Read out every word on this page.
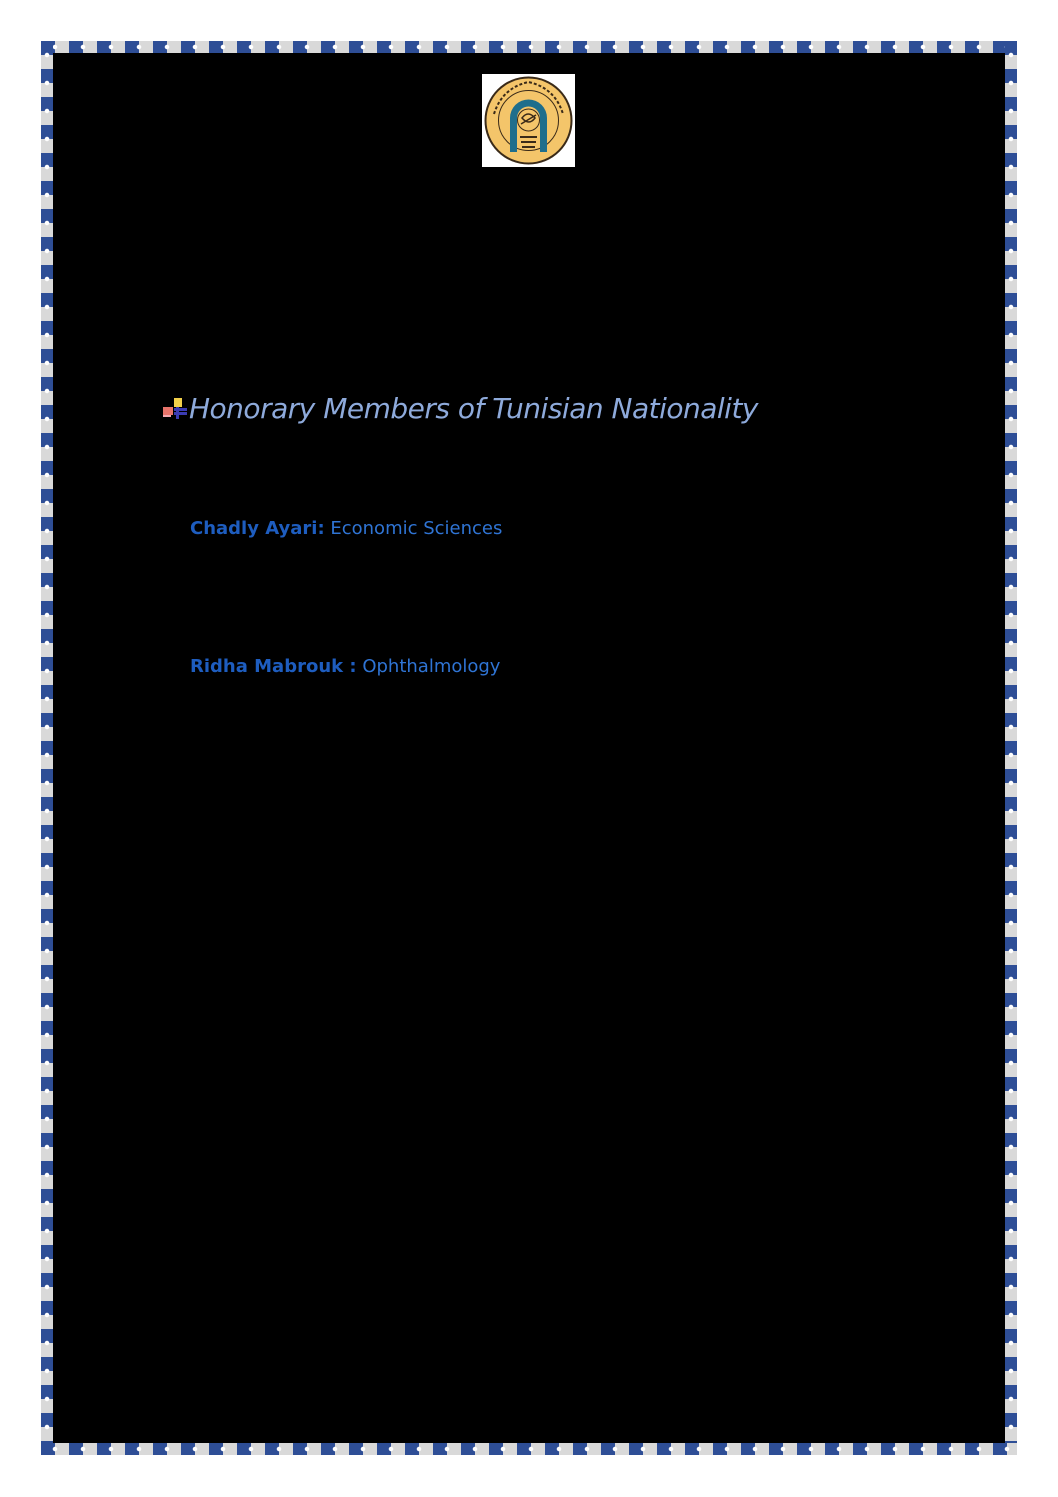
Honorary Members of Tunisian Nationality
Chadly Ayari: Economic Sciences
Ridha Mabrouk : Ophthalmology
